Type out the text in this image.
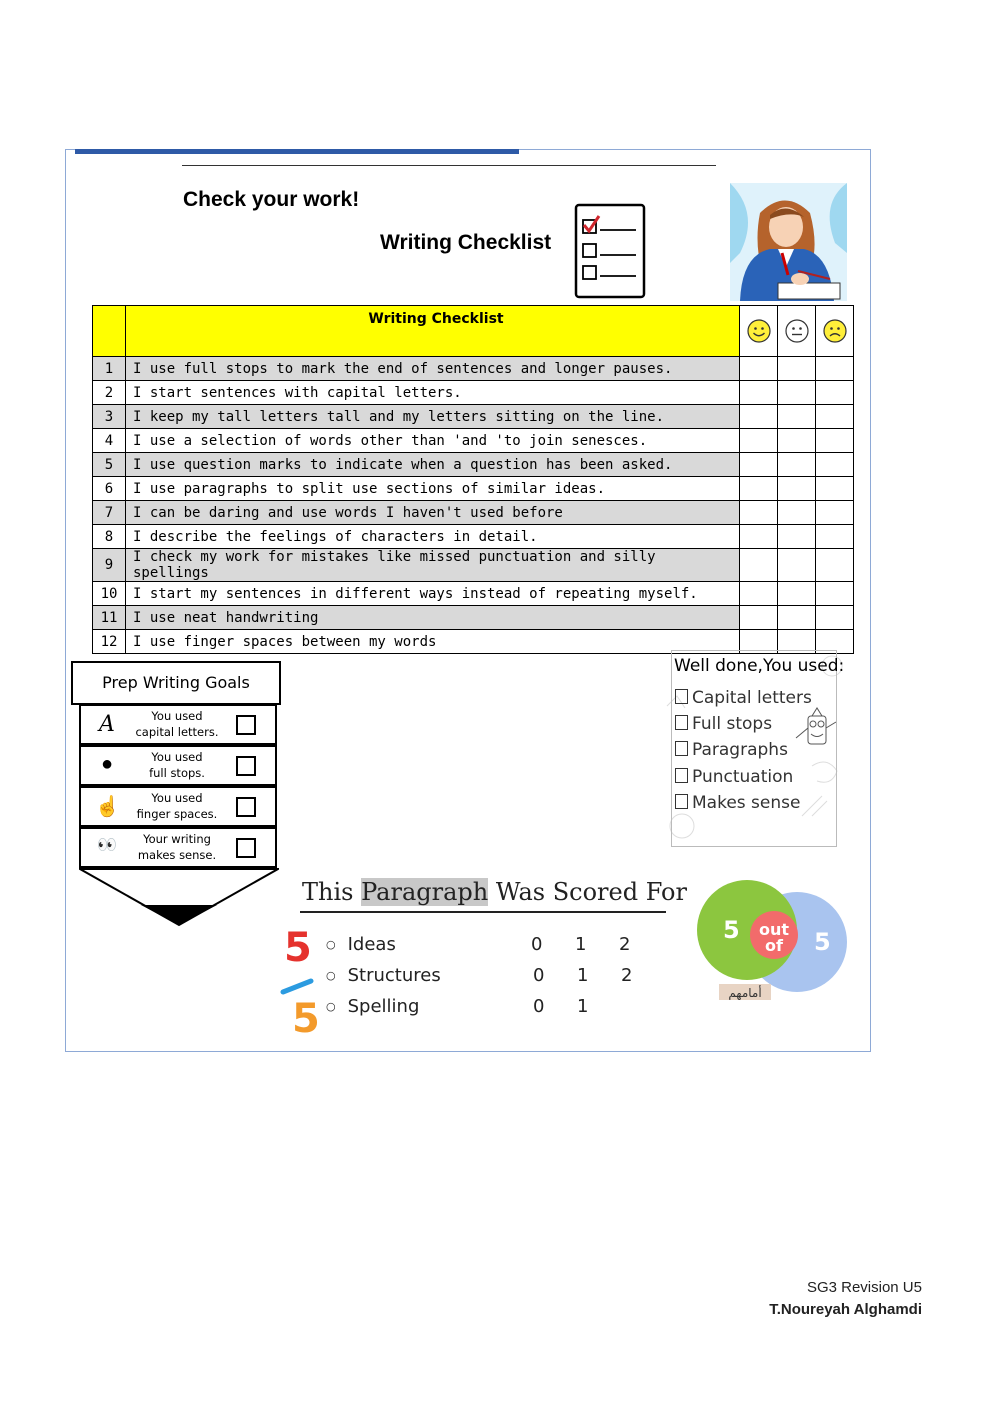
Check your work!
Writing Checklist
	Writing Checklist	

1	I use full stops to mark the end of sentences and longer pauses.			
2	I start sentences with capital letters.			
3	I keep my tall letters tall and my letters sitting on the line.			
4	I use a selection of words other than 'and 'to join senesces.			
5	I use question marks to indicate when a question has been asked.			
6	I use paragraphs to split use sections of similar ideas.			
7	I can be daring and use words I haven't used before			
8	I describe the feelings of characters in detail.			
9	I check my work for mistakes like missed punctuation and silly spellings			
10	I start my sentences in different ways instead of repeating myself.			
11	I use neat handwriting			
12	I use finger spaces between my words			
Prep Writing Goals
A	You used
capital letters.
●	You used
full stops.
☝	You used
finger spaces.
👀	Your writing
makes sense.
Well done,You used:
Capital letters
Full stops
Paragraphs
Punctuation
Makes sense
This Paragraph Was Scored For
5
5
○ Ideas	0 1 2
○ Structures	0 1 2
○ Spelling	0 1
5 out
of 5
أمامهم
SG3 Revision U5
T.Noureyah Alghamdi
